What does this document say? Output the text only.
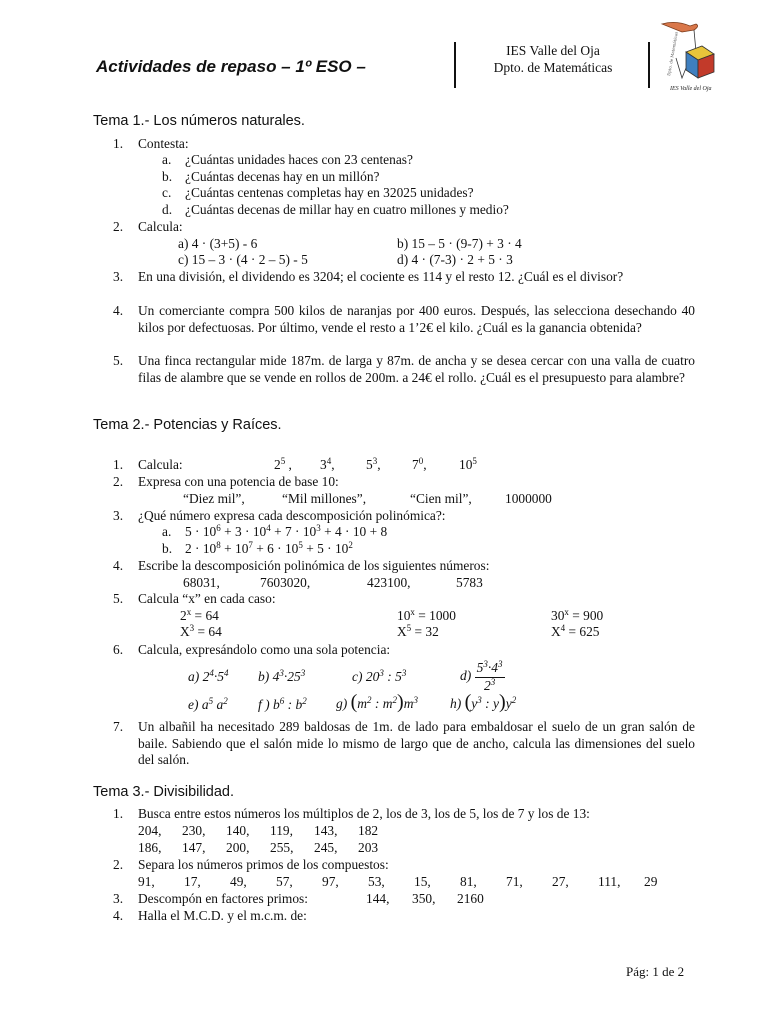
Actividades de repaso – 1º ESO –
IES Valle del Oja
Dpto. de Matemáticas	Dpto. de Matemáticas
IES Valle del Oja
Tema 1.- Los números naturales.
1. Contesta:
a. ¿Cuántas unidades haces con 23 centenas?
b. ¿Cuántas decenas hay en un millón?
c. ¿Cuántas centenas completas hay en 32025 unidades?
d. ¿Cuántas decenas de millar hay en cuatro millones y medio?
2. Calcula:
a) 4 · (3+5) - 6	b) 15 – 5 · (9-7) + 3 · 4
c) 15 – 3 · (4 · 2 – 5) - 5	d) 4 · (7-3) · 2 + 5 · 3
3. En una división, el dividendo es 3204; el cociente es 114 y el resto 12. ¿Cuál es el divisor?
4. Un comerciante compra 500 kilos de naranjas por 400 euros. Después, las selecciona desechando 40 kilos por defectuosas. Por último, vende el resto a 1’2€ el kilo. ¿Cuál es la ganancia obtenida?
5. Una finca rectangular mide 187m. de larga y 87m. de ancha y se desea cercar con una valla de cuatro filas de alambre que se vende en rollos de 200m. a 24€ el rollo. ¿Cuál es el presupuesto para alambre?
Tema 2.- Potencias y Raíces.
1. Calcula:	$2^5$ , $3^4$, $5^3$, $7^0$, $10^5$
2. Expresa con una potencia de base 10:
“Diez mil”,	“Mil millones”,	“Cien mil”, 1000000
3. ¿Qué número expresa cada descomposición polinómica?:
a. $5 \cdot 10^6 + 3 \cdot 10^4 + 7 \cdot 10^3 + 4 \cdot 10 + 8$
b. $2 \cdot 10^8 + 10^7 + 6 \cdot 10^5 + 5 \cdot 10^2$
4. Escribe la descomposición polinómica de los siguientes números:
68031,	7603020,	423100,	5783
5. Calcula “x” en cada caso:
$2^x = 64$	$10^x = 1000$	$30^x = 900$
$X^3 = 64$	$X^5 = 32$	$X^4 = 625$
6. Calcula, expresándolo como una sola potencia:
a) $2^4\cdot 5^4$ b) $4^3\cdot 25^3$	c) $20^3$ : $5^3$	$d) \frac{5^3\cdot 4^3}{2^3}$
e) $a^5$ $a^2$ f ) $b^6$ : $b^2$ g) ($m^2$ : $m^2)m^3$ h) ($y^3$ : $y)y^2$
7. Un albañil ha necesitado 289 baldosas de 1m. de lado para embaldosar el suelo de un gran salón de baile. Sabiendo que el salón mide lo mismo de largo que de ancho, calcula las dimensiones del suelo del salón.
Tema 3.- Divisibilidad.
1. Busca entre estos números los múltiplos de 2, los de 3, los de 5, los de 7 y los de 13:
204, 230, 140, 119, 143, 182
186, 147, 200, 255, 245, 203
2. Separa los números primos de los compuestos:
91, 17, 49, 57, 97, 53, 15, 81, 71, 27, 111, 29
3. Descompón en factores primos:	144, 350, 2160
4. Halla el M.C.D. y el m.c.m. de:
Pág: 1 de 2
